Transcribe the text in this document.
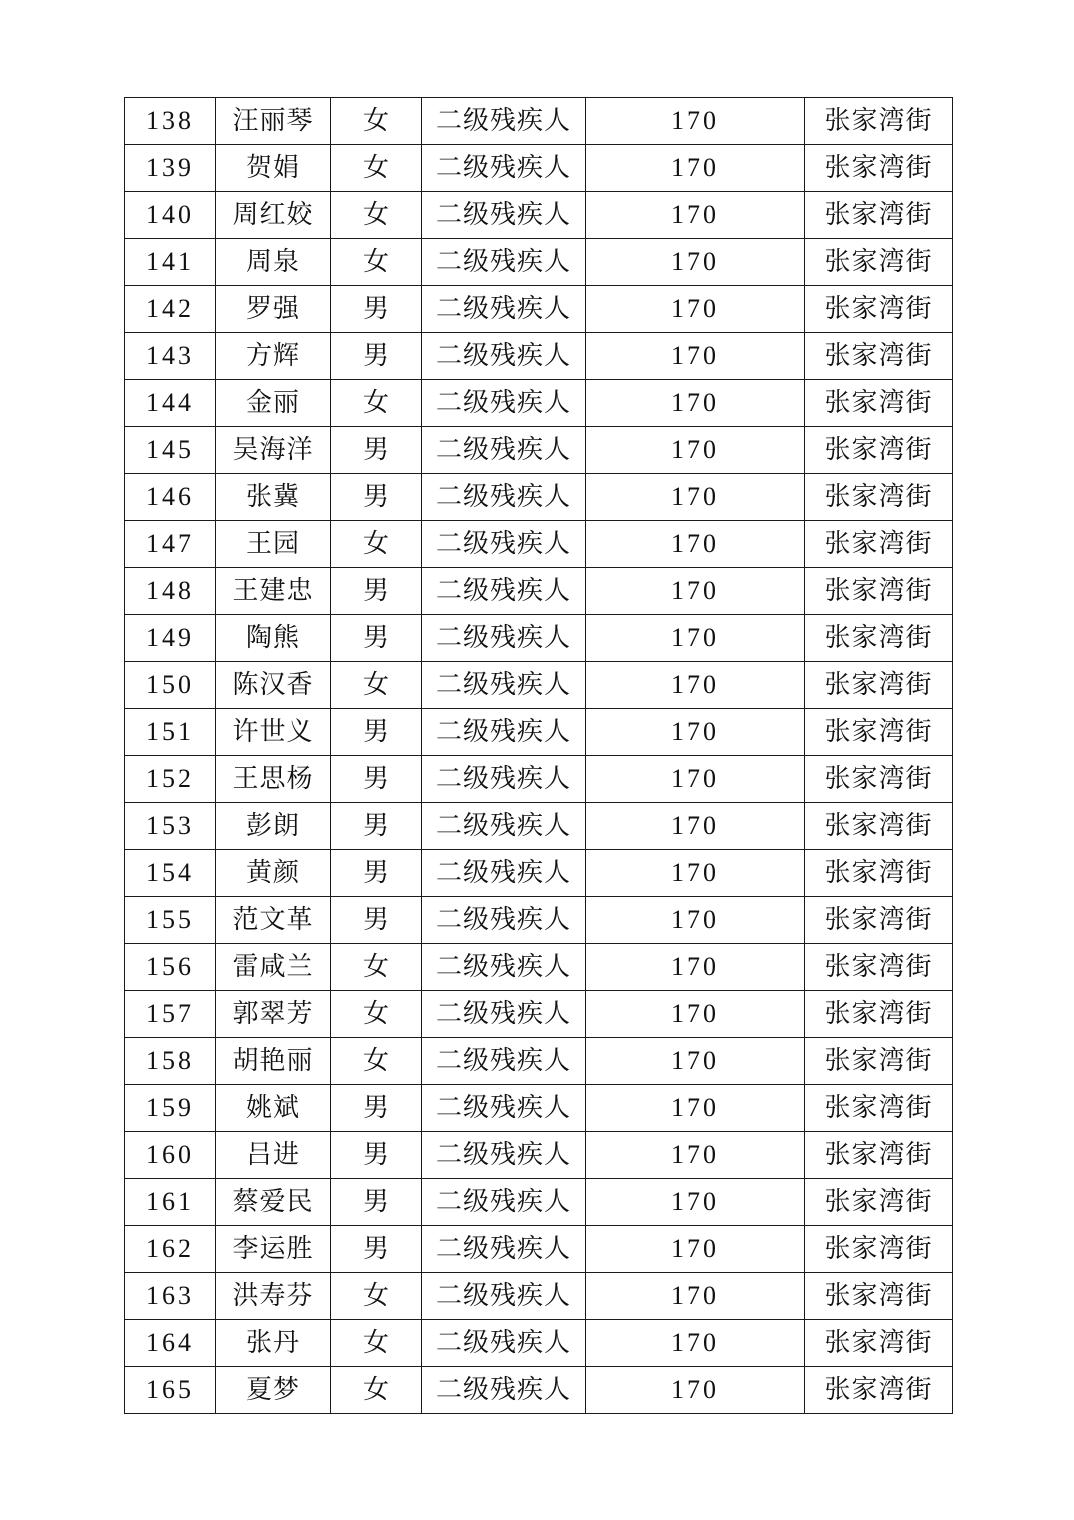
138	汪丽琴	女	二级残疾人	170	张家湾街
139	贺娟	女	二级残疾人	170	张家湾街
140	周红姣	女	二级残疾人	170	张家湾街
141	周泉	女	二级残疾人	170	张家湾街
142	罗强	男	二级残疾人	170	张家湾街
143	方辉	男	二级残疾人	170	张家湾街
144	金丽	女	二级残疾人	170	张家湾街
145	吴海洋	男	二级残疾人	170	张家湾街
146	张冀	男	二级残疾人	170	张家湾街
147	王园	女	二级残疾人	170	张家湾街
148	王建忠	男	二级残疾人	170	张家湾街
149	陶熊	男	二级残疾人	170	张家湾街
150	陈汉香	女	二级残疾人	170	张家湾街
151	许世义	男	二级残疾人	170	张家湾街
152	王思杨	男	二级残疾人	170	张家湾街
153	彭朗	男	二级残疾人	170	张家湾街
154	黄颜	男	二级残疾人	170	张家湾街
155	范文革	男	二级残疾人	170	张家湾街
156	雷咸兰	女	二级残疾人	170	张家湾街
157	郭翠芳	女	二级残疾人	170	张家湾街
158	胡艳丽	女	二级残疾人	170	张家湾街
159	姚斌	男	二级残疾人	170	张家湾街
160	吕进	男	二级残疾人	170	张家湾街
161	蔡爱民	男	二级残疾人	170	张家湾街
162	李运胜	男	二级残疾人	170	张家湾街
163	洪寿芬	女	二级残疾人	170	张家湾街
164	张丹	女	二级残疾人	170	张家湾街
165	夏梦	女	二级残疾人	170	张家湾街
